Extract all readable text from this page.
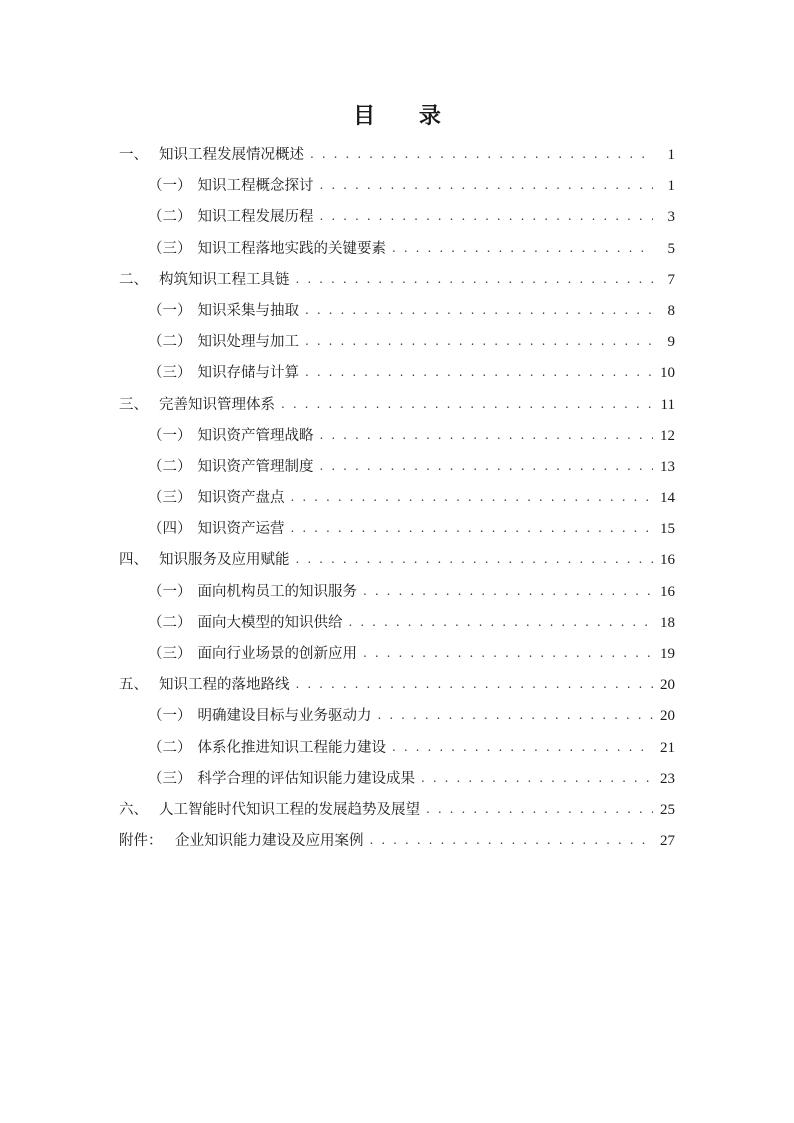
目 录
一、 知识工程发展情况概述 . . .	1
（一） 知识工程概念探讨 . . .	1
（二） 知识工程发展历程 . . .	3
（三） 知识工程落地实践的关键要素 . . .	5
二、 构筑知识工程工具链 . . .	7
（一） 知识采集与抽取 . . .	8
（二） 知识处理与加工 . . .	9
（三） 知识存储与计算 . . .	10
三、 完善知识管理体系 . . .	11
（一） 知识资产管理战略 . . .	12
（二） 知识资产管理制度 . . .	13
（三） 知识资产盘点 . . .	14
（四） 知识资产运营 . . .	15
四、 知识服务及应用赋能 . . .	16
（一） 面向机构员工的知识服务 . . .	16
（二） 面向大模型的知识供给 . . .	18
（三） 面向行业场景的创新应用 . . .	19
五、 知识工程的落地路线 . . .	20
（一） 明确建设目标与业务驱动力 . . .	20
（二） 体系化推进知识工程能力建设 . . .	21
（三） 科学合理的评估知识能力建设成果 . . .	23
六、 人工智能时代知识工程的发展趋势及展望 . . .	25
附件： 企业知识能力建设及应用案例 . . .	27
